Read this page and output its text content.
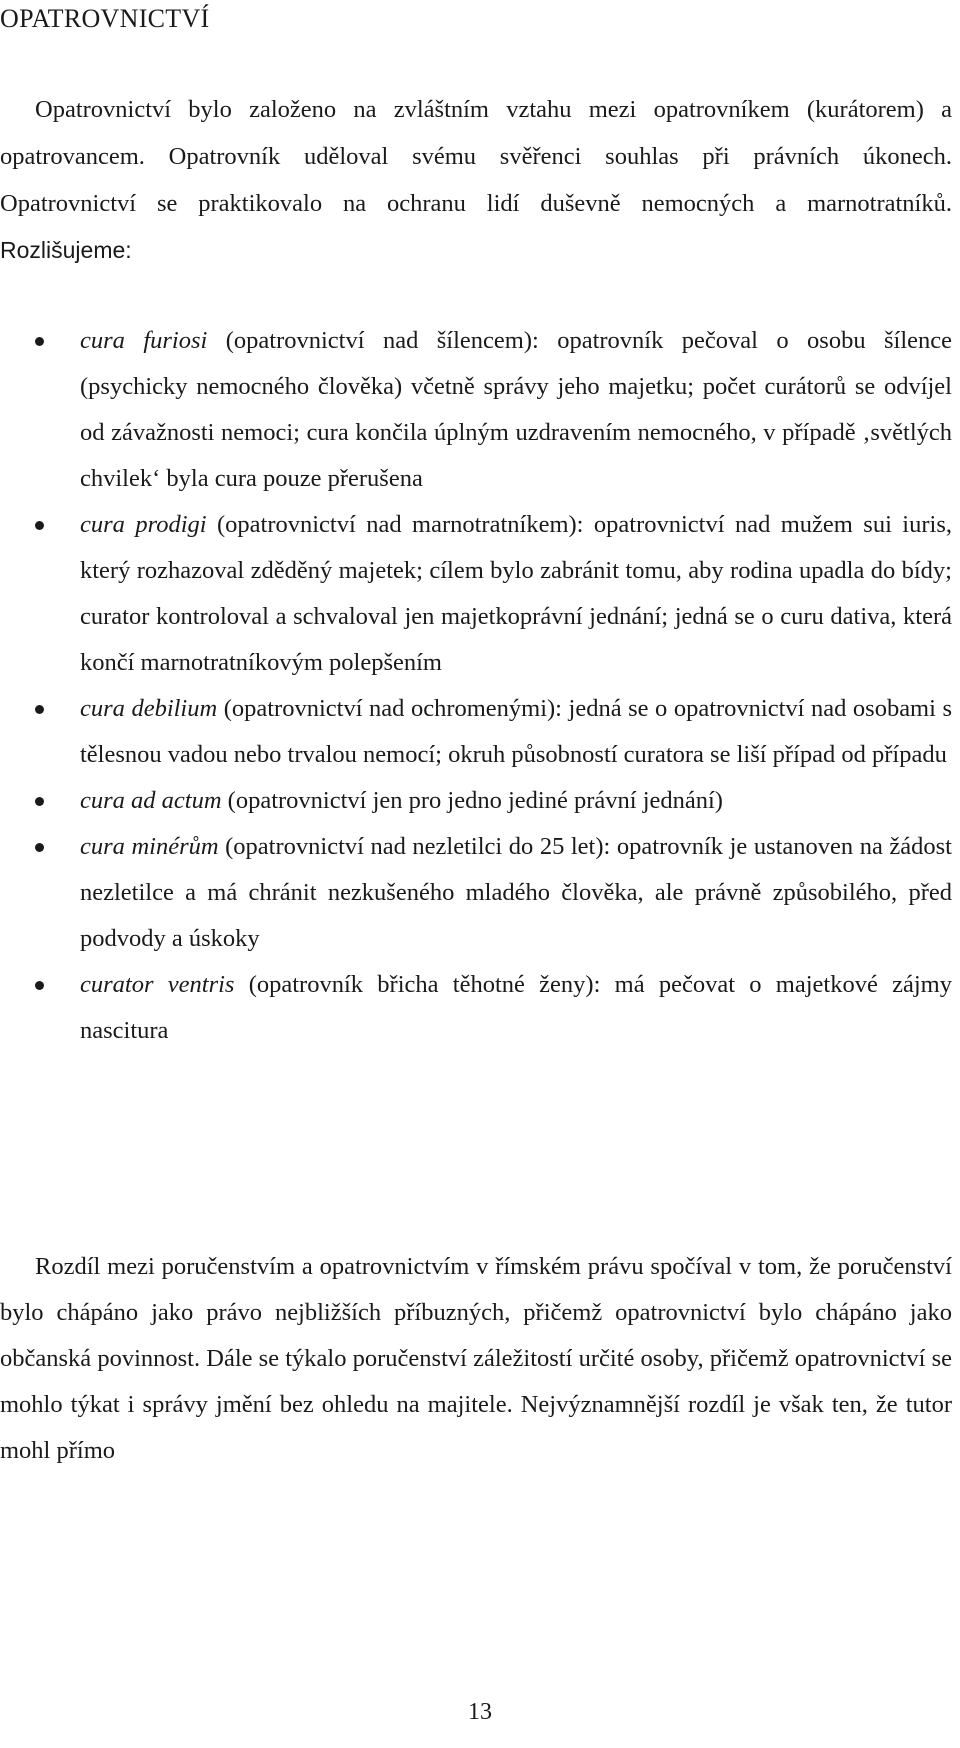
OPATROVNICTVÍ

Opatrovnictví bylo založeno na zvláštním vztahu mezi opatrovníkem (kurátorem) a opatrovancem. Opatrovník uděloval svému svěřenci souhlas při právních úkonech. Opatrovnictví se praktikovalo na ochranu lidí duševně nemocných a marnotratníků. Rozlišujeme:

cura furiosi (opatrovnictví nad šílencem): opatrovník pečoval o osobu šílence (psychicky nemocného člověka) včetně správy jeho majetku; počet curátorů se odvíjel od závažnosti nemoci; cura končila úplným uzdravením nemocného, v případě ‚světlých chvilek‘ byla cura pouze přerušena
cura prodigi (opatrovnictví nad marnotratníkem): opatrovnictví nad mužem sui iuris, který rozhazoval zděděný majetek; cílem bylo zabránit tomu, aby rodina upadla do bídy; curator kontroloval a schvaloval jen majetkoprávní jednání; jedná se o curu dativa, která končí marnotratníkovým polepšením
cura debilium (opatrovnictví nad ochromenými): jedná se o opatrovnictví nad osobami s tělesnou vadou nebo trvalou nemocí; okruh působností curatora se liší případ od případu
cura ad actum (opatrovnictví jen pro jedno jediné právní jednání)
cura minérům (opatrovnictví nad nezletilci do 25 let): opatrovník je ustanoven na žádost nezletilce a má chránit nezkušeného mladého člověka, ale právně způsobilého, před podvody a úskoky
curator ventris (opatrovník břicha těhotné ženy): má pečovat o majetkové zájmy nascitura

Rozdíl mezi poručenstvím a opatrovnictvím v římském právu spočíval v tom, že poručenství bylo chápáno jako právo nejbližších příbuzných, přičemž opatrovnictví bylo chápáno jako občanská povinnost. Dále se týkalo poručenství záležitostí určité osoby, přičemž opatrovnictví se mohlo týkat i správy jmění bez ohledu na majitele. Nejvýznamnější rozdíl je však ten, že tutor mohl přímo

13
